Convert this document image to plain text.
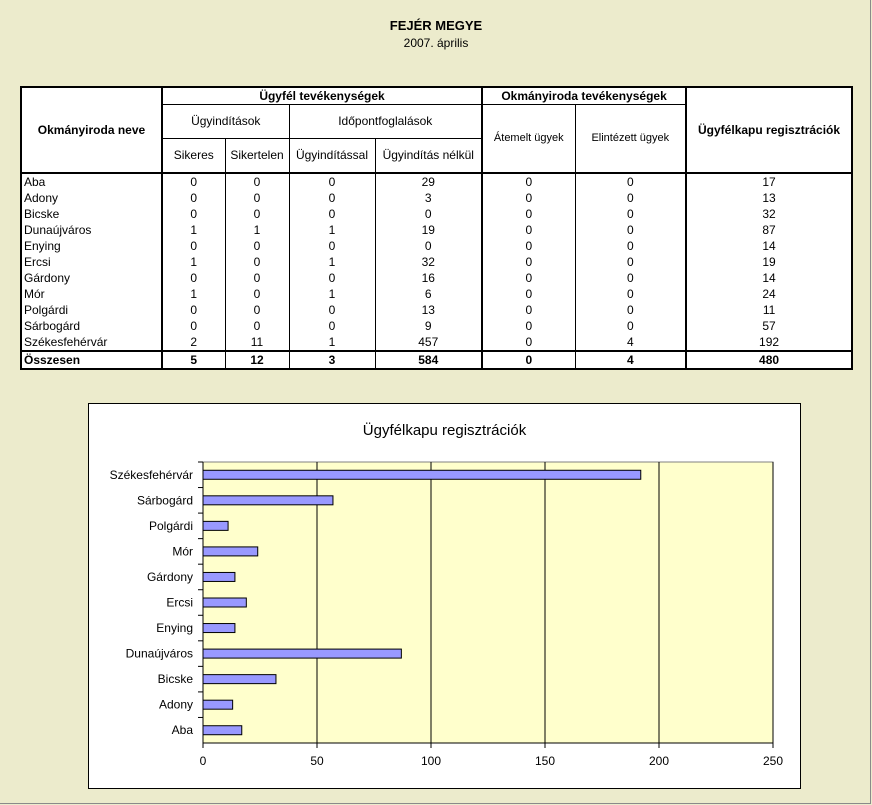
FEJÉR MEGYE
2007. április
Okmányiroda neve	Ügyfél tevékenységek				Okmányiroda tevékenységek		Ügyfélkapu regisztrációk
	Ügyindítások		Időpontfoglalások		Átemelt ügyek	Elintézett ügyek	
	Sikeres	Sikertelen	Ügyindítással	Ügyindítás nélkül			
Aba	0	0	0	29	0	0	17
Adony	0	0	0	3	0	0	13
Bicske	0	0	0	0	0	0	32
Dunaújváros	1	1	1	19	0	0	87
Enying	0	0	0	0	0	0	14
Ercsi	1	0	1	32	0	0	19
Gárdony	0	0	0	16	0	0	14
Mór	1	0	1	6	0	0	24
Polgárdi	0	0	0	13	0	0	11
Sárbogárd	0	0	0	9	0	0	57
Székesfehérvár	2	11	1	457	0	4	192
Összesen	5	12	3	584	0	4	480
0	50	100	150	200	250
Székesfehérvár
Sárbogárd
Polgárdi
Mór
Gárdony
Ercsi
Enying
Dunaújváros
Bicske
Adony
Aba
Ügyfélkapu regisztrációk
